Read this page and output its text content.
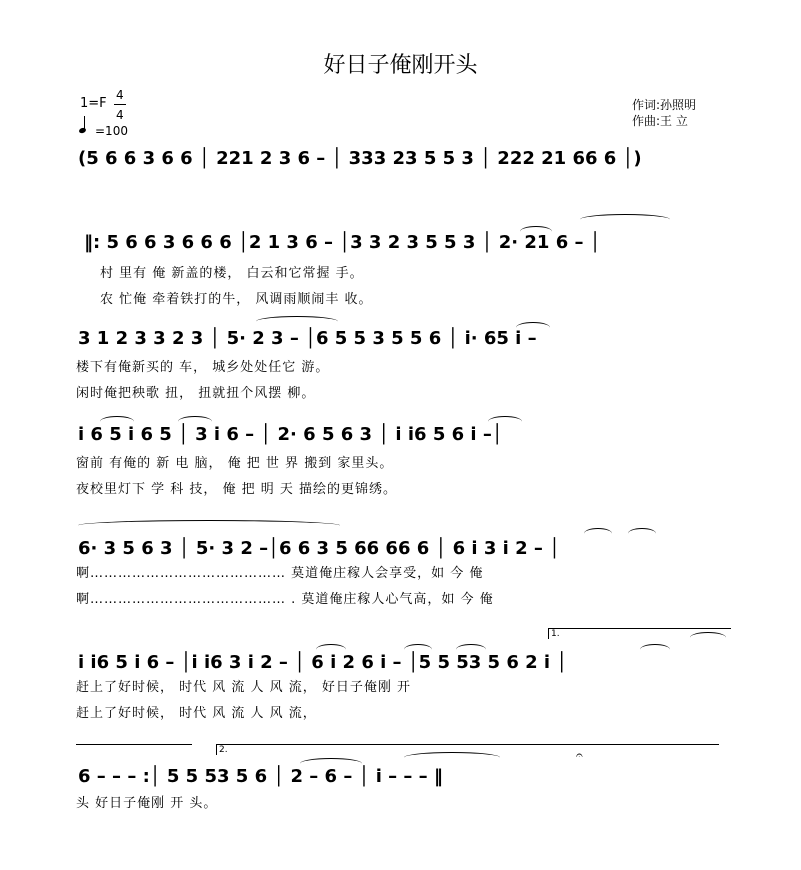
好日子俺刚开头
1=F
4
4
=100
作词:孙照明
作曲:王 立
(5 6 6 3 6 6 │ 221 2 3 6 – │ 333 23 5 5 3 │ 222 21 66 6 │)
‖: 5 6 6 3 6 6 6 │2 1 3 6 – │3 3 2 3 5 5 3 │ 2· 21 6 – │
村 里有 俺 新盖的楼， 白云和它常握 手。
农 忙俺 牵着铁打的牛， 风调雨顺闹丰 收。
3 1 2 3 3 2 3 │ 5· 2 3 – │6 5 5 3 5 5 6 │ i· 65 i –
楼下有俺新买的 车， 城乡处处任它 游。
闲时俺把秧歌 扭， 扭就扭个风摆 柳。
i 6 5 i 6 5 │ 3 i 6 – │ 2· 6 5 6 3 │ i i6 5 6 i –│
窗前 有俺的 新 电 脑， 俺 把 世 界 搬到 家里头。
夜校里灯下 学 科 技， 俺 把 明 天 描绘的更锦绣。
6· 3 5 6 3 │ 5· 3 2 –│6 6 3 5 66 66 6 │ 6 i 3 i 2 – │
啊…………………………………… 莫道俺庄稼人会享受，如 今 俺
啊…………………………………… . 莫道俺庄稼人心气高，如 今 俺
1.
i i6 5 i 6 – │i i6 3 i 2 – │ 6 i 2 6 i – │5 5 53 5 6 2 i │
赶上了好时候， 时代 风 流 人 风 流， 好日子俺刚 开
赶上了好时候， 时代 风 流 人 风 流，
2.
6 – – – :│ 5 5 53 5 6 │ 2 – 6 – │ i – – – ‖
𝄐
头 好日子俺刚 开 头。
